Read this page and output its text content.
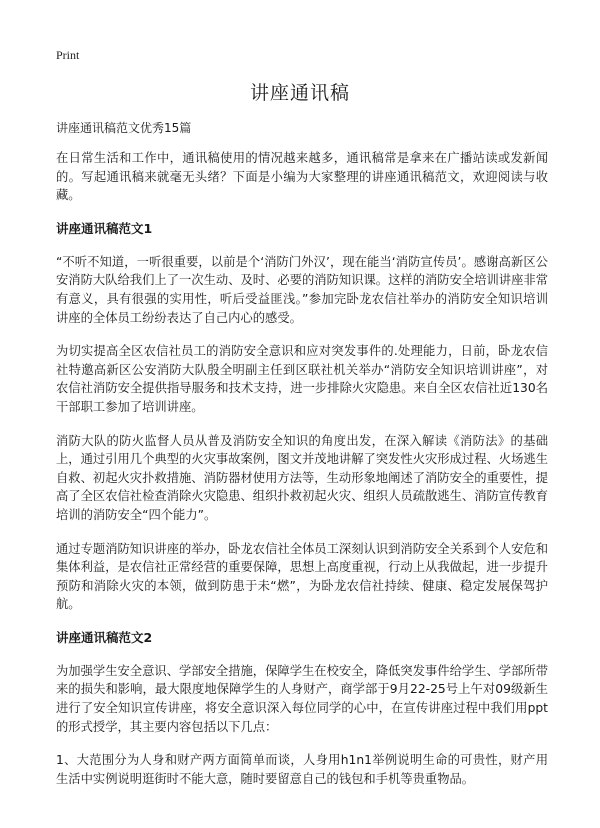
Print
讲座通讯稿

讲座通讯稿范文优秀15篇

在日常生活和工作中，通讯稿使用的情况越来越多，通讯稿常是拿来在广播站读或发新闻的。写起通讯稿来就毫无头绪？下面是小编为大家整理的讲座通讯稿范文，欢迎阅读与收藏。

讲座通讯稿范文1

“不听不知道，一听很重要，以前是个‘消防门外汉’，现在能当‘消防宣传员’。感谢高新区公安消防大队给我们上了一次生动、及时、必要的消防知识课。这样的消防安全培训讲座非常有意义，具有很强的实用性，听后受益匪浅。”参加完卧龙农信社举办的消防安全知识培训讲座的全体员工纷纷表达了自己内心的感受。

为切实提高全区农信社员工的消防安全意识和应对突发事件的.处理能力，日前，卧龙农信社特邀高新区公安消防大队殷全明副主任到区联社机关举办“消防安全知识培训讲座”，对农信社消防安全提供指导服务和技术支持，进一步排除火灾隐患。来自全区农信社近130名干部职工参加了培训讲座。

消防大队的防火监督人员从普及消防安全知识的角度出发，在深入解读《消防法》的基础上，通过引用几个典型的火灾事故案例，图文并茂地讲解了突发性火灾形成过程、火场逃生自救、初起火灾扑救措施、消防器材使用方法等，生动形象地阐述了消防安全的重要性，提高了全区农信社检查消除火灾隐患、组织扑救初起火灾、组织人员疏散逃生、消防宣传教育培训的消防安全“四个能力”。

通过专题消防知识讲座的举办，卧龙农信社全体员工深刻认识到消防安全关系到个人安危和集体利益，是农信社正常经营的重要保障，思想上高度重视，行动上从我做起，进一步提升预防和消除火灾的本领，做到防患于未“燃”，为卧龙农信社持续、健康、稳定发展保驾护航。

讲座通讯稿范文2

为加强学生安全意识、学部安全措施，保障学生在校安全，降低突发事件给学生、学部所带来的损失和影响，最大限度地保障学生的人身财产，商学部于9月22-25号上午对09级新生进行了安全知识宣传讲座，将安全意识深入每位同学的心中，在宣传讲座过程中我们用ppt的形式授学，其主要内容包括以下几点：

1、大范围分为人身和财产两方面简单而谈，人身用h1n1举例说明生命的可贵性，财产用生活中实例说明逛街时不能大意，随时要留意自己的钱包和手机等贵重物品。
